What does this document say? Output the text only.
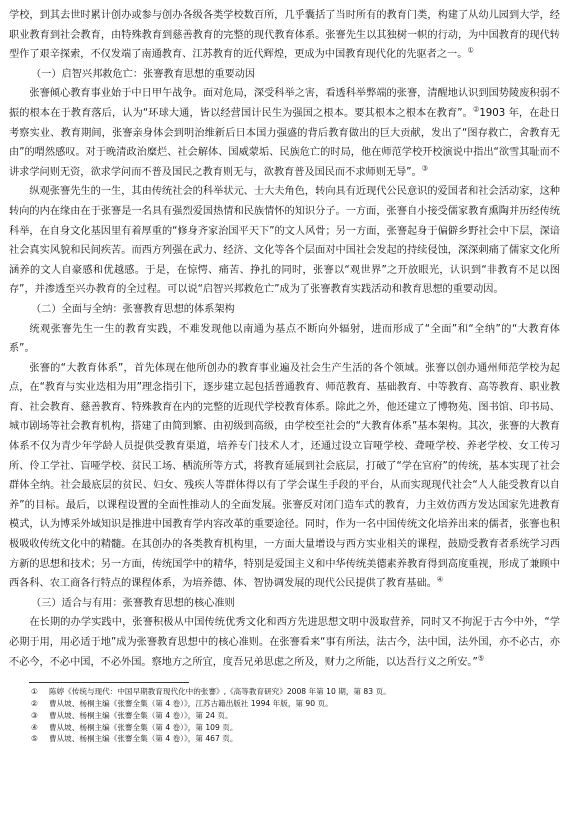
学校，到其去世时累计创办或参与创办各级各类学校数百所，几乎囊括了当时所有的教育门类，构建了从幼儿园到大学，经职业教育到社会教育，由特殊教育到慈善教育的完整的现代教育体系。张謇先生以其独树一帜的行动，为中国教育的现代转型作了艰辛探索，不仅发端了南通教育、江苏教育的近代辉煌，更成为中国教育现代化的先驱者之一。①

（一）启智兴邦救危亡：张謇教育思想的重要动因

张謇倾心教育事业始于中日甲午战争。面对危局，深受科举之害，看透科举弊端的张謇，清醒地认识到国势陵废积弱不振的根本在于教育落后，认为“环球大通，皆以经营国计民生为强国之根本。要其根本之根本在教育”。②1903 年，在赴日考察实业、教育期间，张謇亲身体会到明治维新后日本国力强盛的背后教育做出的巨大贡献，发出了“图存救亡，舍教育无由”的喟然感叹。对于晚清政治糜烂、社会解体、国威蒙垢、民族危亡的时局，他在师范学校开校演说中指出“欲雪其耻而不讲求学问则无资，欲求学问而不普及国民之教育则无与，欲教育普及国民而不求师则无导”。③

纵观张謇先生的一生，其由传统社会的科举状元、士大夫角色，转向具有近现代公民意识的爱国者和社会活动家，这种转向的内在缘由在于张謇是一名具有强烈爱国热情和民族情怀的知识分子。一方面，张謇自小接受儒家教育熏陶并历经传统科举，在自身文化基因里有着厚重的“修身齐家治国平天下”的文人风骨；另一方面，张謇起身于偏僻乡野社会中下层，深谙社会真实风貌和民间疾苦。而西方列强在武力、经济、文化等各个层面对中国社会发起的持续侵蚀，深深刺痛了儒家文化所涵养的文人自豪感和优越感。于是，在惊愕、痛苦、挣扎的同时，张謇以“观世界”之开放眼光，认识到“非教育不足以图存”，并渗透至兴办教育的全过程。可以说“启智兴邦救危亡”成为了张謇教育实践活动和教育思想的重要动因。

（二）全面与全纳：张謇教育思想的体系架构

统观张謇先生一生的教育实践，不难发现他以南通为基点不断向外辐射，进而形成了“全面”和“全纳”的“大教育体系”。

张謇的“大教育体系”，首先体现在他所创办的教育事业遍及社会生产生活的各个领域。张謇以创办通州师范学校为起点，在“教育与实业迭相为用”理念指引下，逐步建立起包括普通教育、师范教育、基础教育、中等教育、高等教育、职业教育、社会教育、慈善教育、特殊教育在内的完整的近现代学校教育体系。除此之外，他还建立了博物苑、图书馆、印书局、城市剧场等社会教育机构，搭建了由简到繁、由初级到高级，由学校至社会的“大教育体系”基本架构。其次，张謇的大教育体系不仅为青少年学龄人员提供受教育渠道，培养专门技术人才，还通过设立盲哑学校、聋哑学校、养老学校、女工传习所、伶工学社、盲哑学校、贫民工场、栖流所等方式，将教育延展到社会底层，打破了“学在官府”的传统，基本实现了社会群体全纳。社会最底层的贫民、妇女、残疾人等群体得以有了学会谋生手段的平台，从而实现现代社会“人人能受教育以自养”的目标。最后，以课程设置的全面性推动人的全面发展。张謇反对闭门造车式的教育，力主效仿西方发达国家先进教育模式，认为博采外域知识是推进中国教育学内容改革的重要途径。同时，作为一名中国传统文化培养出来的儒者，张謇也积极吸收传统文化中的精髓。在其创办的各类教育机构里，一方面大量增设与西方实业相关的课程，鼓励受教育者系统学习西方新的思想和技术；另一方面，传统国学中的精华，特别是爱国主义和中华传统美德素养教育得到高度重视，形成了兼顾中西各科、农工商各行特点的课程体系，为培养德、体、智协调发展的现代公民提供了教育基础。④

（三）适合与有用：张謇教育思想的核心准则

在长期的办学实践中，张謇积极从中国传统优秀文化和西方先进思想文明中汲取营养，同时又不拘泥于古今中外，“学必期于用，用必适于地”成为张謇教育思想中的核心准则。在张謇看来“事有所法，法古今，法中国，法外国，亦不必古，亦不必今，不必中国，不必外国。察地方之所宜，度吾兄弟思虑之所及，财力之所能，以达吾行义之所安。”⑤

①	陈婷《传统与现代：中国早期教育现代化中的张謇》,《高等教育研究》2008 年第 10 期，第 83 页。
②	曹从坡、杨桐主编《张謇全集（第 4 卷）》，江苏古籍出版社 1994 年版，第 90 页。
③	曹从坡、杨桐主编《张謇全集（第 4 卷）》，第 24 页。
④	曹从坡、杨桐主编《张謇全集（第 4 卷）》，第 109 页。
⑤	曹从坡、杨桐主编《张謇全集（第 4 卷）》，第 467 页。
